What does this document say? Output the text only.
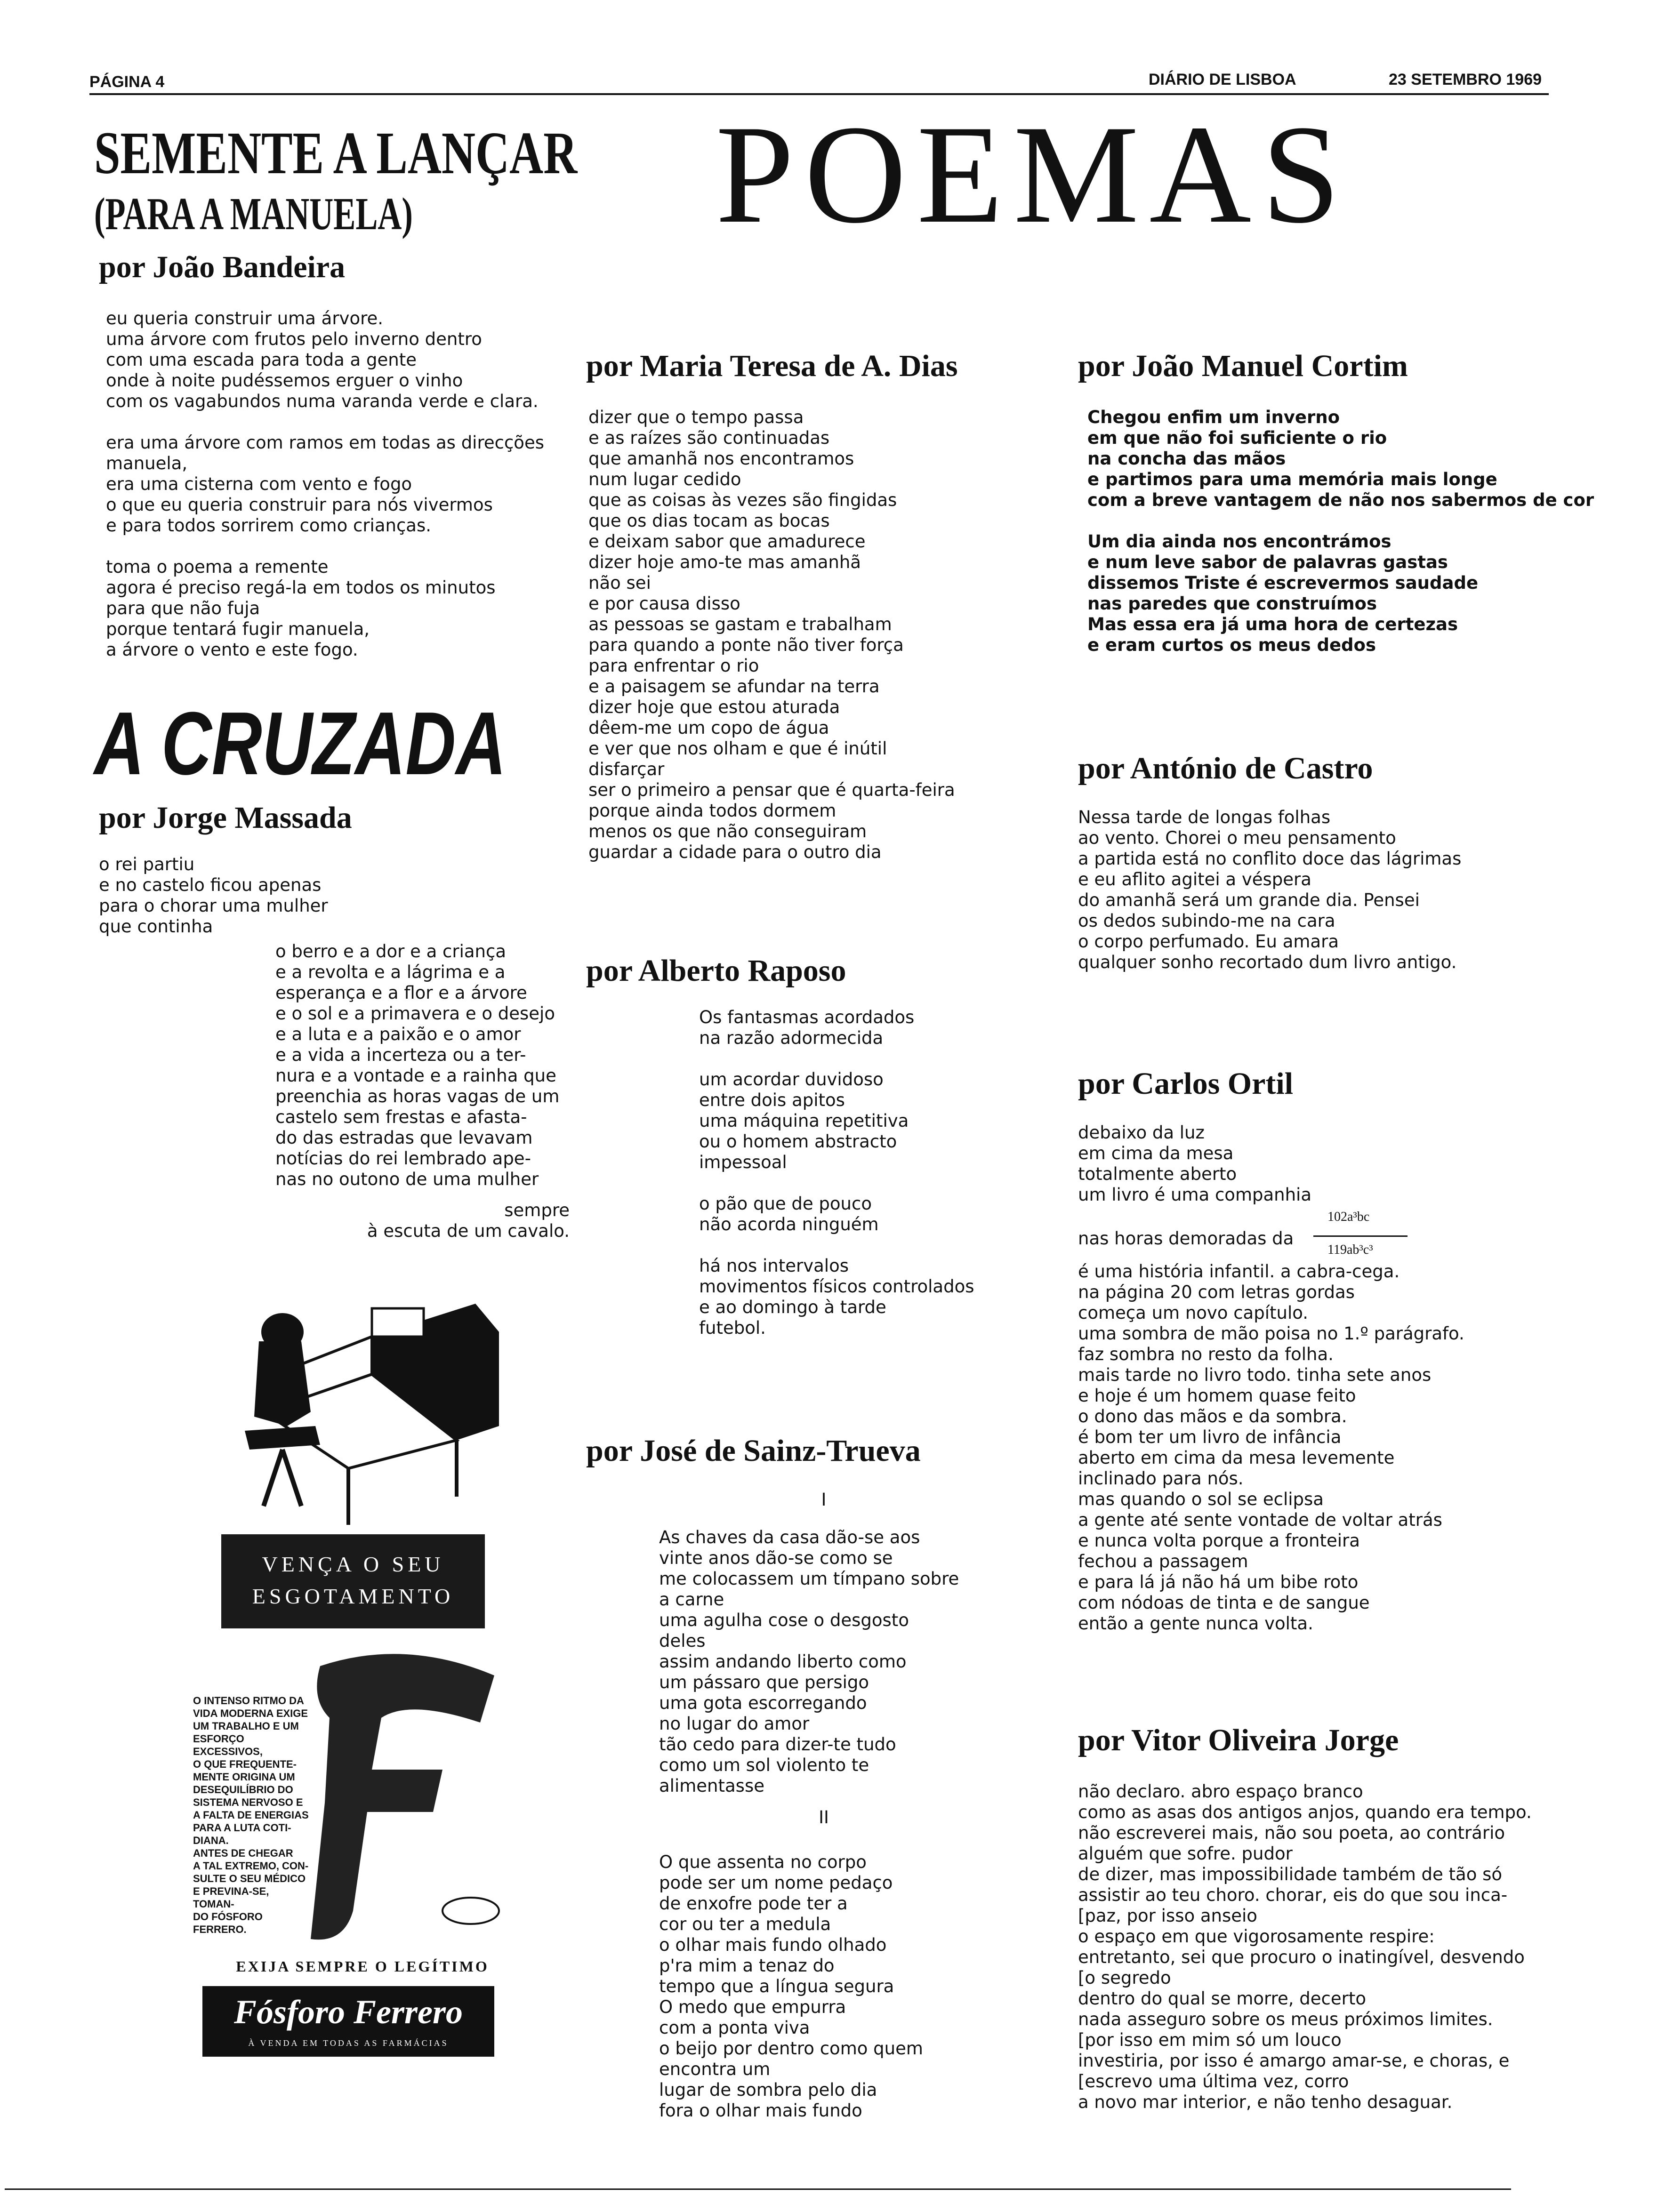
PÁGINA 4	DIÁRIO DE LISBOA	23 SETEMBRO 1969
POEMAS
SEMENTE A LANÇAR
(PARA A MANUELA)
por João Bandeira
eu queria construir uma árvore.
uma árvore com frutos pelo inverno dentro
com uma escada para toda a gente
onde à noite pudéssemos erguer o vinho
com os vagabundos numa varanda verde e clara.
era uma árvore com ramos em todas as direcções
manuela,
era uma cisterna com vento e fogo
o que eu queria construir para nós vivermos
e para todos sorrirem como crianças.
toma o poema a remente
agora é preciso regá-la em todos os minutos
para que não fuja
porque tentará fugir manuela,
a árvore o vento e este fogo.
A CRUZADA
por Jorge Massada
o rei partiu
e no castelo ficou apenas
para o chorar uma mulher
que continha
o berro e a dor e a criança
e a revolta e a lágrima e a
esperança e a flor e a árvore
e o sol e a primavera e o desejo
e a luta e a paixão e o amor
e a vida a incerteza ou a ter-
nura e a vontade e a rainha que
preenchia as horas vagas de um
castelo sem frestas e afasta-
do das estradas que levavam
notícias do rei lembrado ape-
nas no outono de uma mulher
sempre
à escuta de um cavalo.
VENÇA O SEU
ESGOTAMENTO
O INTENSO RITMO DA
VIDA MODERNA EXIGE
UM TRABALHO E UM
ESFORÇO EXCESSIVOS,
O QUE FREQUENTE-
MENTE ORIGINA UM
DESEQUILÍBRIO DO
SISTEMA NERVOSO E
A FALTA DE ENERGIAS
PARA A LUTA COTI-
DIANA.
ANTES DE CHEGAR
A TAL EXTREMO, CON-
SULTE O SEU MÉDICO
E PREVINA-SE, TOMAN-
DO FÓSFORO
FERRERO.
EXIJA SEMPRE O LEGÍTIMO
Fósforo Ferrero
À VENDA EM TODAS AS FARMÁCIAS
por Maria Teresa de A. Dias
dizer que o tempo passa
e as raízes são continuadas
que amanhã nos encontramos
num lugar cedido
que as coisas às vezes são fingidas
que os dias tocam as bocas
e deixam sabor que amadurece
dizer hoje amo-te mas amanhã
não sei
e por causa disso
as pessoas se gastam e trabalham
para quando a ponte não tiver força
para enfrentar o rio
e a paisagem se afundar na terra
dizer hoje que estou aturada
dêem-me um copo de água
e ver que nos olham e que é inútil
disfarçar
ser o primeiro a pensar que é quarta-feira
porque ainda todos dormem
menos os que não conseguiram
guardar a cidade para o outro dia
por Alberto Raposo
Os fantasmas acordados
na razão adormecida
um acordar duvidoso
entre dois apitos
uma máquina repetitiva
ou o homem abstracto
impessoal
o pão que de pouco
não acorda ninguém
há nos intervalos
movimentos físicos controlados
e ao domingo à tarde
futebol.
por José de Sainz-Trueva
I
As chaves da casa dão-se aos
vinte anos dão-se como se
me colocassem um tímpano sobre
a carne
uma agulha cose o desgosto
deles
assim andando liberto como
um pássaro que persigo
uma gota escorregando
no lugar do amor
tão cedo para dizer-te tudo
como um sol violento te
alimentasse
II
O que assenta no corpo
pode ser um nome pedaço
de enxofre pode ter a
cor ou ter a medula
o olhar mais fundo olhado
p'ra mim a tenaz do
tempo que a língua segura
O medo que empurra
com a ponta viva
o beijo por dentro como quem
encontra um
lugar de sombra pelo dia
fora o olhar mais fundo
por João Manuel Cortim
Chegou enfim um inverno
em que não foi suficiente o rio
na concha das mãos
e partimos para uma memória mais longe
com a breve vantagem de não nos sabermos de cor
Um dia ainda nos encontrámos
e num leve sabor de palavras gastas
dissemos Triste é escrevermos saudade
nas paredes que construímos
Mas essa era já uma hora de certezas
e eram curtos os meus dedos
por António de Castro
Nessa tarde de longas folhas
ao vento. Chorei o meu pensamento
a partida está no conflito doce das lágrimas
e eu aflito agitei a véspera
do amanhã será um grande dia. Pensei
os dedos subindo-me na cara
o corpo perfumado. Eu amara
qualquer sonho recortado dum livro antigo.
por Carlos Ortil
debaixo da luz
em cima da mesa
totalmente aberto
um livro é uma companhia
nas horas demoradas da
102a³bc
119ab³c³
é uma história infantil. a cabra-cega.
na página 20 com letras gordas
começa um novo capítulo.
uma sombra de mão poisa no 1.º parágrafo.
faz sombra no resto da folha.
mais tarde no livro todo. tinha sete anos
e hoje é um homem quase feito
o dono das mãos e da sombra.
é bom ter um livro de infância
aberto em cima da mesa levemente
inclinado para nós.
mas quando o sol se eclipsa
a gente até sente vontade de voltar atrás
e nunca volta porque a fronteira
fechou a passagem
e para lá já não há um bibe roto
com nódoas de tinta e de sangue
então a gente nunca volta.
por Vitor Oliveira Jorge
não declaro. abro espaço branco
como as asas dos antigos anjos, quando era tempo.
não escreverei mais, não sou poeta, ao contrário
alguém que sofre. pudor
de dizer, mas impossibilidade também de tão só
assistir ao teu choro. chorar, eis do que sou inca-
[paz, por isso anseio
o espaço em que vigorosamente respire:
entretanto, sei que procuro o inatingível, desvendo
[o segredo
dentro do qual se morre, decerto
nada asseguro sobre os meus próximos limites.
[por isso em mim só um louco
investiria, por isso é amargo amar-se, e choras, e
[escrevo uma última vez, corro
a novo mar interior, e não tenho desaguar.
